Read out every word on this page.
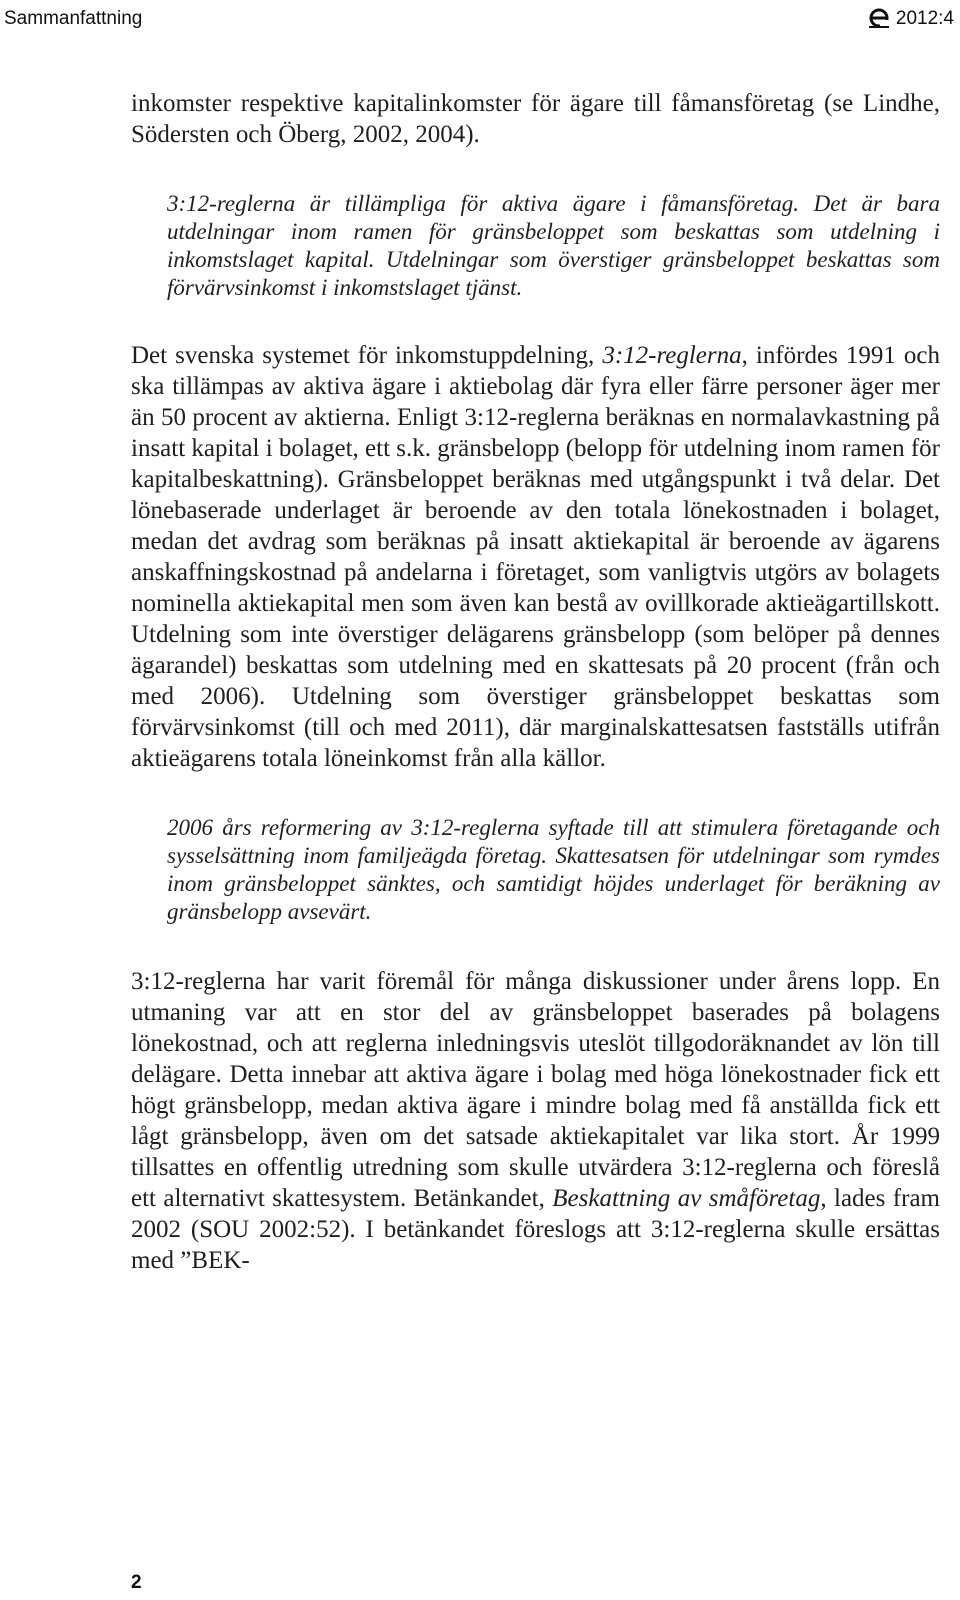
Sammanfattning	2012:4

inkomster respektive kapitalinkomster för ägare till fåmansföretag (se Lindhe, Södersten och Öberg, 2002, 2004).

3:12-reglerna är tillämpliga för aktiva ägare i fåmansföretag. Det är bara utdelningar inom ramen för gränsbeloppet som beskattas som utdelning i inkomstslaget kapital. Utdelningar som överstiger gränsbeloppet beskattas som förvärvsinkomst i inkomstslaget tjänst.

Det svenska systemet för inkomstuppdelning, 3:12-reglerna, infördes 1991 och ska tillämpas av aktiva ägare i aktiebolag där fyra eller färre personer äger mer än 50 procent av aktierna. Enligt 3:12-reglerna beräknas en normalavkastning på insatt kapital i bolaget, ett s.k. gränsbelopp (belopp för utdelning inom ramen för kapitalbeskattning). Gränsbeloppet beräknas med utgångspunkt i två delar. Det lönebaserade underlaget är beroende av den totala lönekostnaden i bolaget, medan det avdrag som beräknas på insatt aktiekapital är beroende av ägarens anskaffningskostnad på andelarna i företaget, som vanligtvis utgörs av bolagets nominella aktiekapital men som även kan bestå av ovillkorade aktieägartillskott. Utdelning som inte överstiger delägarens gränsbelopp (som belöper på dennes ägarandel) beskattas som utdelning med en skattesats på 20 procent (från och med 2006). Utdelning som överstiger gränsbeloppet beskattas som förvärvsinkomst (till och med 2011), där marginalskattesatsen fastställs utifrån aktieägarens totala löneinkomst från alla källor.

2006 års reformering av 3:12-reglerna syftade till att stimulera företagande och sysselsättning inom familjeägda företag. Skattesatsen för utdelningar som rymdes inom gränsbeloppet sänktes, och samtidigt höjdes underlaget för beräkning av gränsbelopp avsevärt.

3:12-reglerna har varit föremål för många diskussioner under årens lopp. En utmaning var att en stor del av gränsbeloppet baserades på bolagens lönekostnad, och att reglerna inledningsvis uteslöt tillgodoräknandet av lön till delägare. Detta innebar att aktiva ägare i bolag med höga lönekostnader fick ett högt gränsbelopp, medan aktiva ägare i mindre bolag med få anställda fick ett lågt gränsbelopp, även om det satsade aktiekapitalet var lika stort. År 1999 tillsattes en offentlig utredning som skulle utvärdera 3:12-reglerna och föreslå ett alternativt skattesystem. Betänkandet, Beskattning av småföretag, lades fram 2002 (SOU 2002:52). I betänkandet föreslogs att 3:12-reglerna skulle ersättas med ”BEK-

2
